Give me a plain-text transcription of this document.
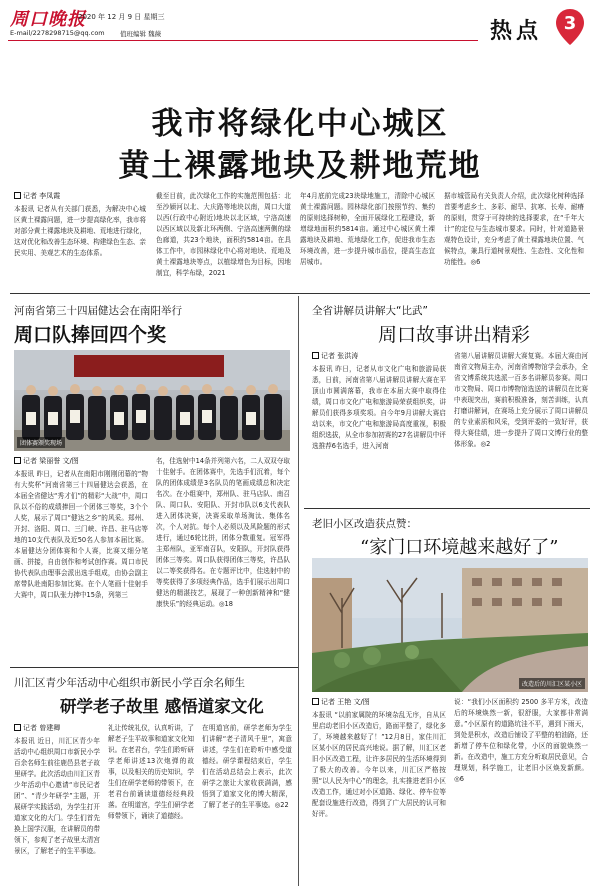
周口晚报
2020 年 12 月 9 日 星期三
E-mail/2278298715@qq.com 值班编辑 魏薇	热点	3
我市将绿化中心城区
黄土裸露地块及耕地荒地
记者 李凤霞
本报讯 记者从有关部门获悉，为解决中心城区黄土裸露问题，进一步提高绿化率，我市将对部分黄土裸露地块及耕地、荒地进行绿化，这对优化和改善生态环境、构建绿色生态、亲民实用、美观艺术的生态体系。
截至目前，此次绿化工作的实施范围包括：北至沙颍河以北、大庆路等地块以南，周口大道以西(行政中心附近)地块以北区域，宁洛高速以西区域以及新北环两侧、宁洛高速两侧的绿色廊道，共23个地块，面积约5814亩。在具体工作中，市园林绿化中心将对地块、荒地及黄土裸露地块等点，以植绿增色为目标，因地制宜，科学布绿，2021
年4月底前完成23块绿地施工，清除中心城区黄土裸露问题。园林绿化部门按照节约、集约的原则选择树种，全面开展绿化工程建设，新增绿地面积约5814亩。通过中心城区黄土裸露地块及耕地、荒地绿化工作，促进我市生态环境改善，进一步提升城市品位，提高生态宜居城市。
据市城管局有关负责人介绍，此次绿化树种选择首要考虑乡土、多彩、耐旱、抗寒、长寿、耐瘠的原则，贯穿于可持续的选择要求，在“千年大计”的定位与生态城市要求。同时，针对道路景观特色设计，充分考虑了黄土裸露地块位置、气候特点，兼具行道树景观性、生态性、文化性和功能性。◎6
河南省第三十四届健达会在南阳举行
周口队捧回四个奖
团体赛颁奖现场
记者 梁丽誉 文/图
本报讯 昨日，记者从在南阳市刚刚闭幕的“物有大奖杯”河南省第三十四届健达会获悉，在本届全省健达“秀才们”的精彩“大战”中，周口队以不俗的成绩捧回一个团体三等奖，3个个人奖，展示了周口“健达之乡”的风采。郑州、开封、洛阳、周口、三门峡、许昌、驻马店等地的10支代表队及近50名人参加本届比赛。本届健达分团体赛和个人赛，比赛又细分笔画、拼接，自由创作和考试创作赛。周口市民协代表队由理事会派出选手组成，由协会副主席带队赴南阳参加比赛。在个人笔画十佳射手大赛中，周口队张力捧中15条，列第三
名，佳选射中14条并列第六名，二人双双夺取十佳射手。在团体赛中，先选手们沉着，每个队的团体成绩是3名队员的笔画成绩总和决定名次。在小组赛中，郑州队、驻马店队、南召队、周口队、安阳队、开封市队以6支代表队进入团体决赛，决赛采取单场淘汰、集体名次，个人对抗。每个人必须以及风险题的形式进行，通过6轮比拼，团体分数重复。冠军得主郑州队，亚军南召队，安阳队，开封队获得团体三等奖。周口队获得团体三等奖，许昌队以二等奖获得名。在专题评比中，佳选射中的等奖获得了多项经典作品，选手们展示出周口健达的精湛技艺，展现了一种创新精神和“健康快乐”的经典运动。◎18
川汇区青少年活动中心组织市新民小学百余名师生
研学老子故里 感悟道家文化
记者 曾建卿
本报讯 近日，川汇区青少年活动中心组织周口市新民小学百余名师生前往鹿邑县老子故里研学。此次活动由川汇区青少年活动中心邀请“市民记者团”、“青少年研学”主题，开展研学实践活动，为学生打开道家文化的大门。学生们首先换上国学汉服，在讲解员的带领下，参观了老子故里太清宫景区，了解老子的生平事迹。
礼让传统礼仪，认真听讲，了解老子生平故事和道家文化知识。在老君台，学生们聆听研学老师讲述13次炮弹的故事，以及相关的历史知识，学生们在研学老师的带领下，在老君台前诵读道德经经典段落。在明道宫，学生们研学老师带领下，诵读了道德经。
在明道宫前，研学老师为学生们讲解“老子清风千里”，寓意讲述，学生们在聆听中感受道德经。研学课程结束后，学生们在活动总结会上表示，此次研学之旅让大家收获满满，感悟到了道家文化的博大精深，了解了老子的生平事迹。◎22
全省讲解员讲解大“比武”
周口故事讲出精彩
记者 张洪涛
本报讯 昨日，记者从市文化广电和旅游局获悉，日前，河南省第八届讲解员讲解大赛在平顶山市圆满落幕，我市在本届大赛中取得佳绩，周口市文化广电和旅游局荣获组织奖，讲解员们获得多项奖项。自今年9月讲解大赛启动以来，市文化广电和旅游局高度重视，积极组织选拔，从全市参加初赛的27名讲解员中评选推荐6名选手，进入河南
省第八届讲解员讲解大赛复赛。本届大赛由河南省文物局主办，河南省博物馆学会承办，全省文博系统共选派一百多名讲解员参赛。周口市文物局、周口市博物馆选送的讲解员在比赛中表现突出，赛前积极准备，刻苦训练，认真打磨讲解词，在赛场上充分展示了周口讲解员的专业素质和风采，受到评委的一致好评，获得大赛佳绩，进一步提升了周口文博行业的整体形象。◎2
老旧小区改造获点赞：
“家门口环境越来越好了”
改造后的川汇区某小区
记者 王艳 文/图
本报讯 “以前家属院的环境杂乱无序，自从区里启动老旧小区改造后，路面平整了，绿化多了，环境越来越好了！”12月8日，家住川汇区某小区的居民高兴地说。据了解，川汇区老旧小区改造工程，让许多居民的生活环境得到了极大的改善。今年以来，川汇区严格按照“以人民为中心”的理念，扎实推进老旧小区改造工作，通过对小区道路、绿化、停车位等配套设施进行改造，得到了广大居民的认可和好评。
说：“我们小区面积约 2500 多平方米，改造后的环境焕然一新，很舒服，大家都非常满意。”小区原有的道路坑洼不平，遇到下雨天，到处是积水，改造后铺设了平整的柏油路，还新增了停车位和绿化带，小区的面貌焕然一新。在改造中，施工方充分听取居民意见，合理规划，科学施工，让老旧小区焕发新颜。◎6
